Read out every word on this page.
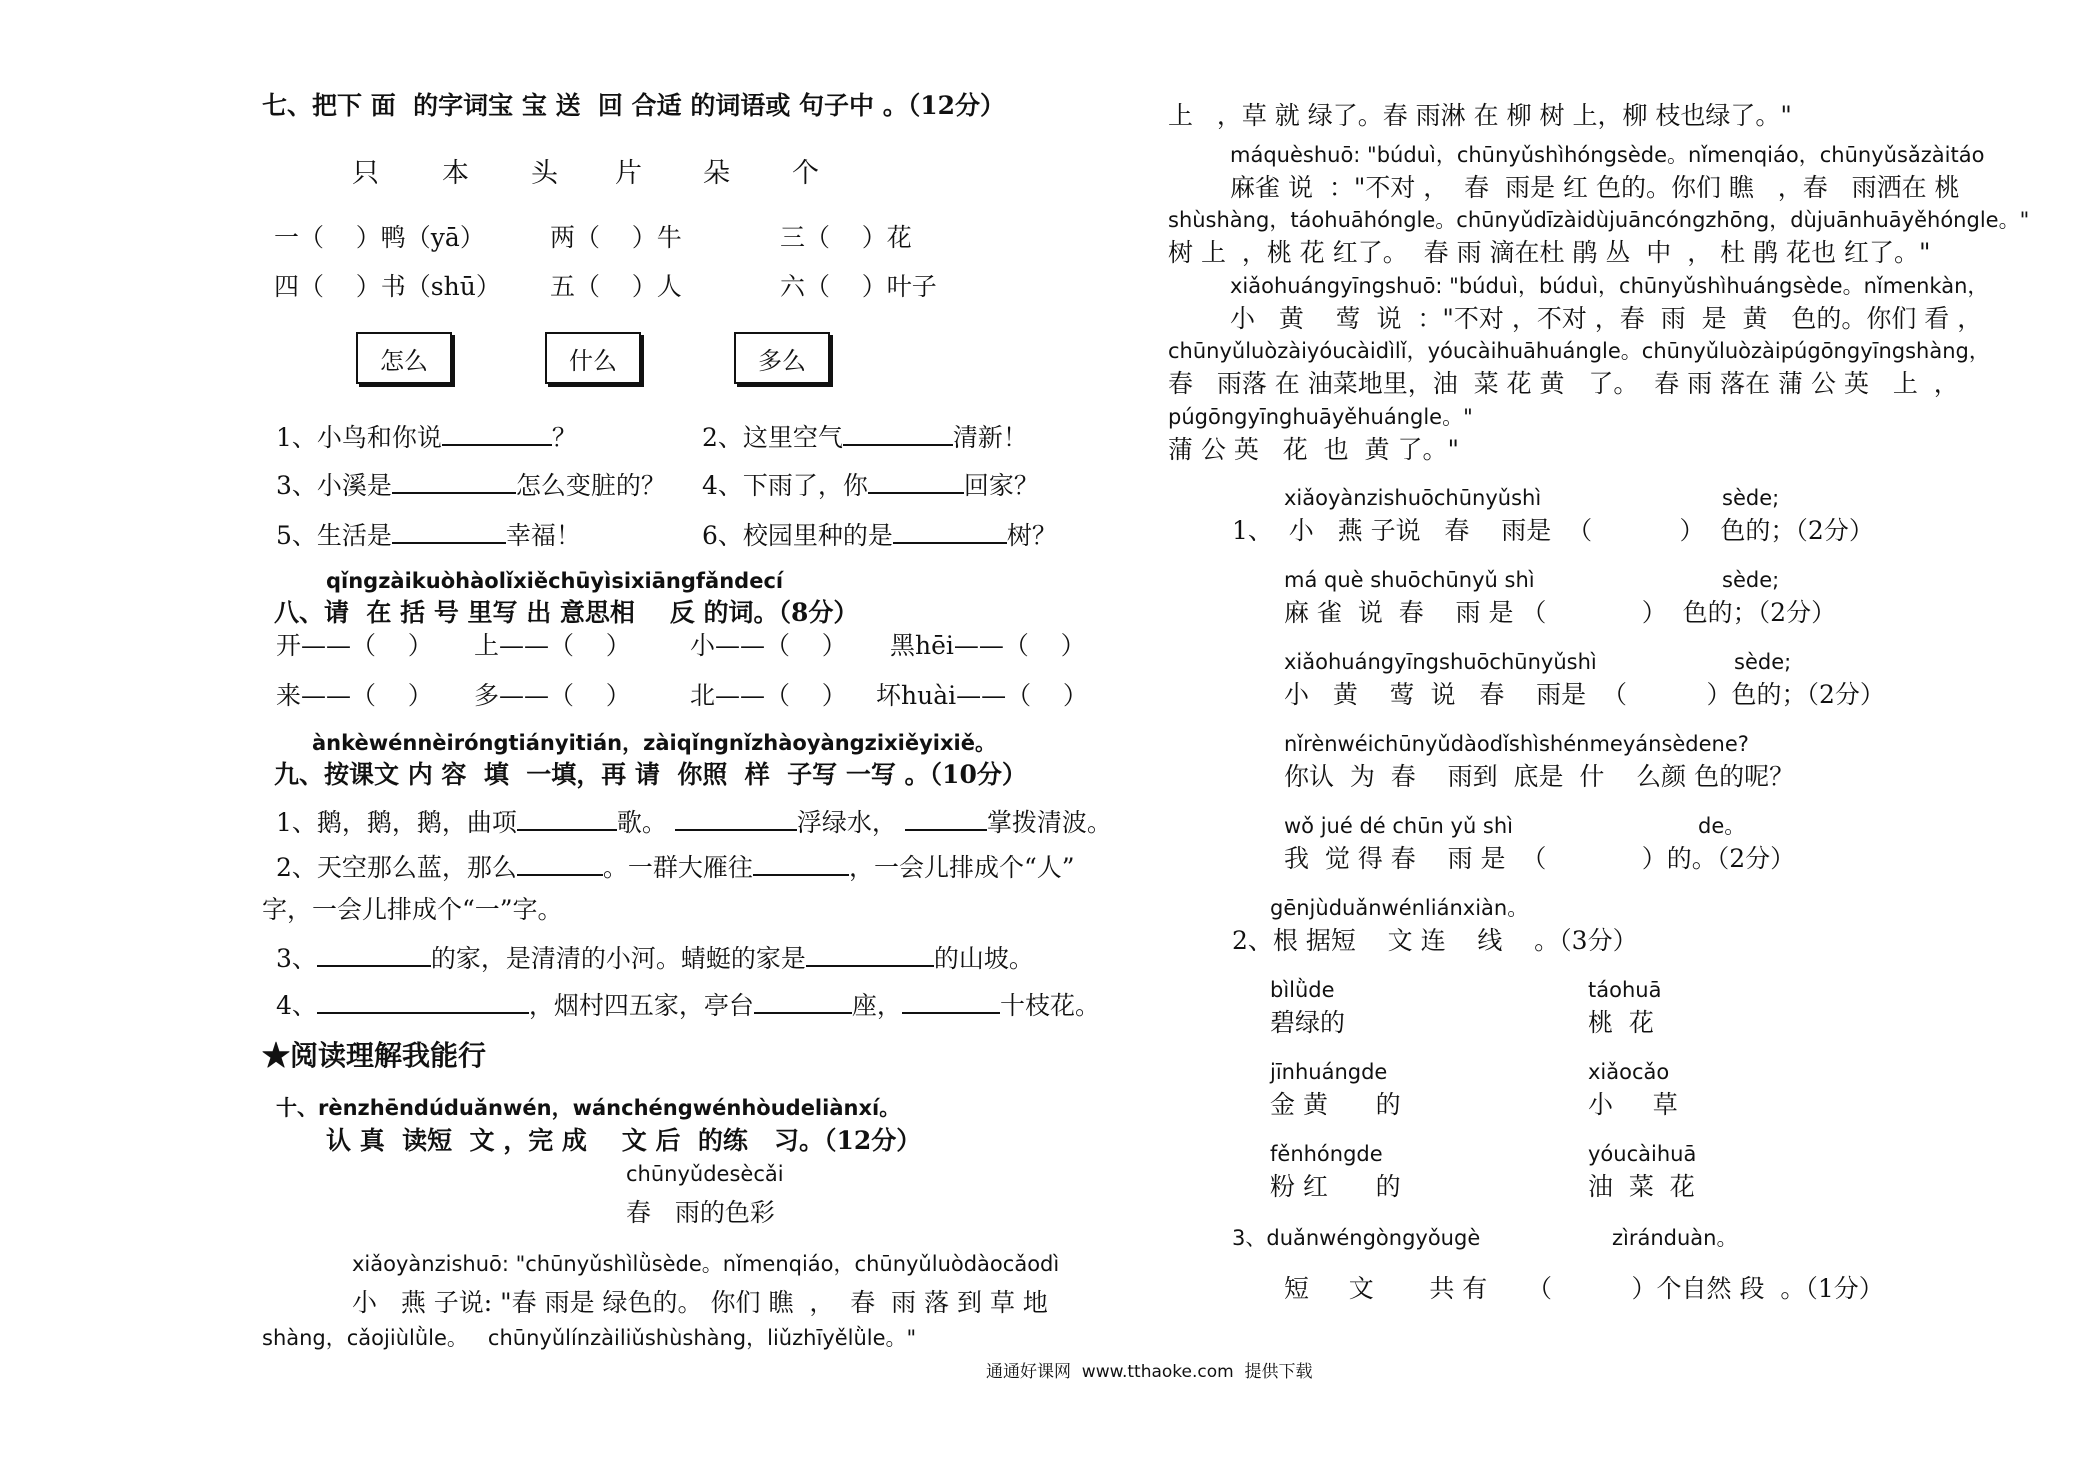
七、把下 面  的字词宝 宝 送  回 合适 的词语或 句子中 。（12分）
只 本 头 片 朵 个
一（    ）鸭（yā）	两（    ）牛	三（    ）花
四（    ）书（shū） 五（    ）人	六（    ）叶子
怎么	什么	多么
1、小鸟和你说	？	2、这里空气	清新！
3、小溪是	怎么变脏的？ 4、下雨了，你	回家？
5、生活是	幸福！	6、校园里种的是	树？
qǐngzàikuòhàolǐxiěchūyìsixiāngfǎndecí
八、请  在 括 号 里写 出 意思相    反 的词。（8分）
开——（    ） 上——（    ） 小——（    ） 黑hēi——（    ）
来——（    ） 多——（    ） 北——（    ） 坏huài——（    ）
ànkèwénnèiróngtiányitián，zàiqǐngnǐzhàoyàngzixiěyixiě。
九、按课文 内 容  填  一填，再 请  你照  样  子写 一写 。（10分）
1、鹅，鹅，鹅，曲项	歌。	浮绿水，	掌拨清波。
2、天空那么蓝，那么	。一群大雁往	，一会儿排成个“人”
字，一会儿排成个“一”字。
3、	的家，是清清的小河。蜻蜓的家是	的山坡。
4、	，烟村四五家，亭台	座，	十枝花。
★阅读理解我能行
十、rènzhēndúduǎnwén，wánchéngwénhòudeliànxí。
认 真  读短  文 ，完 成    文 后  的练   习。（12分）
chūnyǔdesècǎi
春   雨的色彩
xiǎoyànzishuō: "chūnyǔshìlǜsède。nǐmenqiáo，chūnyǔluòdàocǎodì
小   燕 子说: "春 雨是 绿色的。 你们 瞧  ，  春  雨 落 到 草 地
shàng，cǎojiùlǜle。   chūnyǔlínzàiliǔshùshàng，liǔzhīyělǜle。"
上   ，草 就 绿了。春 雨淋 在 柳 树 上，柳 枝也绿了。"
máquèshuō: "búduì，chūnyǔshìhóngsède。nǐmenqiáo，chūnyǔsǎzàitáo
麻雀 说  ："不对 ，  春  雨是 红 色的。你们 瞧   ，春   雨洒在 桃
shùshàng，táohuāhóngle。chūnyǔdīzàidùjuāncóngzhōng，dùjuānhuāyěhóngle。"
树 上  ，桃 花 红了。  春 雨 滴在杜 鹃 丛  中  ， 杜 鹃 花也 红了。"
xiǎohuángyīngshuō: "búduì，búduì，chūnyǔshìhuángsède。nǐmenkàn，
小   黄    莺  说  ："不对 ，不对 ，春  雨  是  黄   色的。你们 看 ，
chūnyǔluòzàiyóucàidìlǐ，yóucàihuāhuángle。chūnyǔluòzàipúgōngyīngshàng，
春   雨落 在 油菜地里，油  菜 花 黄   了。  春 雨 落在 蒲 公 英   上  ，
púgōngyīnghuāyěhuángle。"
蒲 公 英   花  也  黄 了。"
xiǎoyànzishuōchūnyǔshì	sède;
1、  小   燕 子说   春    雨是  （           ）  色的；（2分）
má què shuōchūnyǔ shì	sède;
麻 雀  说  春    雨 是 （            ）  色的；（2分）
xiǎohuángyīngshuōchūnyǔshì	sède;
小   黄    莺  说   春    雨是  （          ）色的；（2分）
nǐrènwéichūnyǔdàodǐshìshénmeyánsèdene?
你认  为  春    雨到  底是  什    么颜 色的呢？
wǒ jué dé chūn yǔ shì	de。
我  觉 得 春    雨 是  （            ）的。（2分）
gēnjùduǎnwénliánxiàn。
2、根 据短    文 连    线    。（3分）
bìlǜde
碧绿的
táohuā
桃  花
jīnhuángde
金 黄      的
xiǎocǎo
小     草
fěnhóngde
粉 红      的
yóucàihuā
油  菜  花
3、duǎnwéngòngyǒugè	zìránduàn。
短     文       共 有     （          ）个自然 段  。（1分）
通通好课网  www.tthaoke.com  提供下载
